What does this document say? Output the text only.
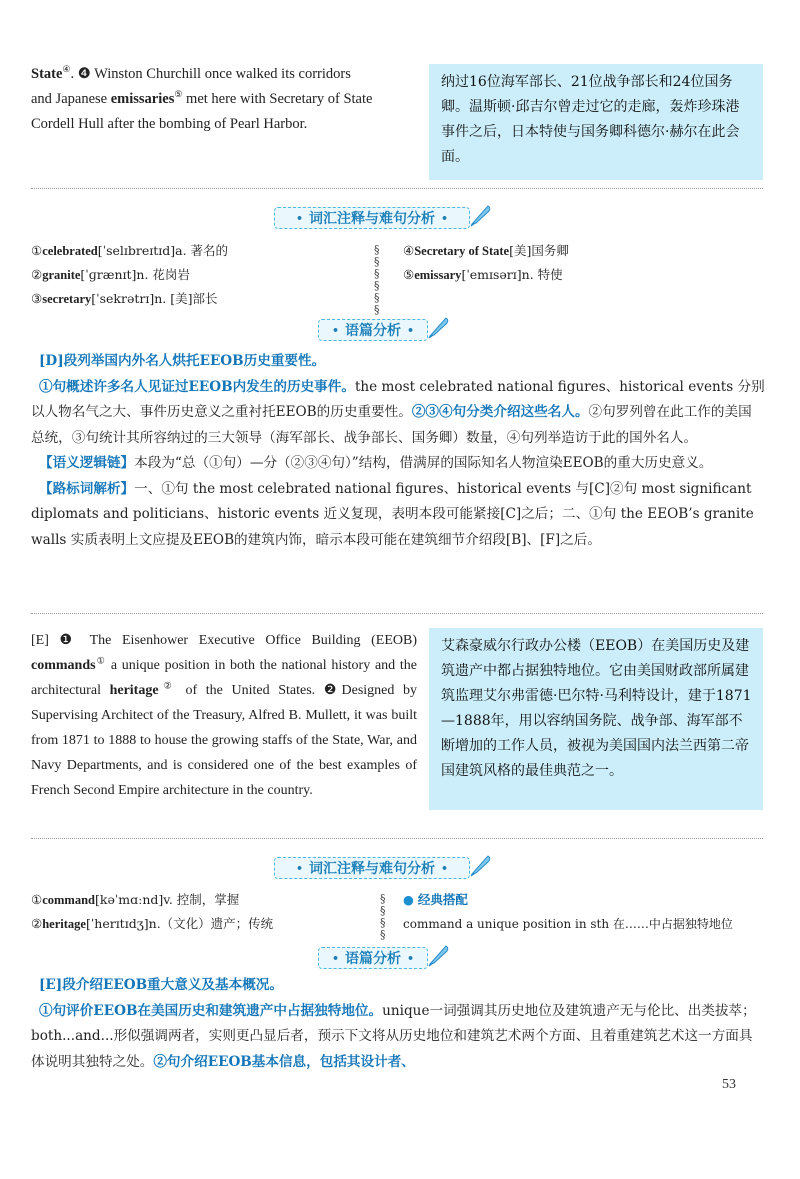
State④. ❹ Winston Churchill once walked its corridors
and Japanese emissaries⑤ met here with Secretary of State
Cordell Hull after the bombing of Pearl Harbor.
纳过16位海军部长、21位战争部长和24位国务卿。温斯顿·邱吉尔曾走过它的走廊，轰炸珍珠港事件之后，日本特使与国务卿科德尔·赫尔在此会面。
• 词汇注释与难句分析 •
①celebrated[ˈselɪbreɪtɪd]a. 著名的
②granite[ˈɡrænɪt]n. 花岗岩
③secretary[ˈsekrətrɪ]n. [美]部长
§
§
§
§
§
§
④Secretary of State[美]国务卿
⑤emissary[ˈemɪsərɪ]n. 特使
• 语篇分析 •
[D]段列举国内外名人烘托EEOB历史重要性。
①句概述许多名人见证过EEOB内发生的历史事件。the most celebrated national figures、historical events 分别以人物名气之大、事件历史意义之重衬托EEOB的历史重要性。②③④句分类介绍这些名人。②句罗列曾在此工作的美国总统，③句统计其所容纳过的三大领导（海军部长、战争部长、国务卿）数量，④句列举造访于此的国外名人。
【语义逻辑链】本段为“总（①句）—分（②③④句）”结构，借满屏的国际知名人物渲染EEOB的重大历史意义。
【路标词解析】一、①句 the most celebrated national figures、historical events 与[C]②句 most significant diplomats and politicians、historic events 近义复现，表明本段可能紧接[C]之后；二、①句 the EEOB’s granite walls 实质表明上文应提及EEOB的建筑内饰，暗示本段可能在建筑细节介绍段[B]、[F]之后。
[E] ❶ The Eisenhower Executive Office Building (EEOB) commands① a unique position in both the national history and the architectural heritage② of the United States. ❷Designed by Supervising Architect of the Treasury, Alfred B. Mullett, it was built from 1871 to 1888 to house the growing staffs of the State, War, and Navy Departments, and is considered one of the best examples of French Second Empire architecture in the country.
艾森豪威尔行政办公楼（EEOB）在美国历史及建筑遗产中都占据独特地位。它由美国财政部所属建筑监理艾尔弗雷德·巴尔特·马利特设计，建于1871—1888年，用以容纳国务院、战争部、海军部不断增加的工作人员，被视为美国国内法兰西第二帝国建筑风格的最佳典范之一。
• 词汇注释与难句分析 •
①command[kəˈmɑːnd]v. 控制，掌握
②heritage[ˈherɪtɪdʒ]n.（文化）遗产；传统
§
§
§
§
● 经典搭配
command a unique position in sth 在……中占据独特地位
• 语篇分析 •
[E]段介绍EEOB重大意义及基本概况。
①句评价EEOB在美国历史和建筑遗产中占据独特地位。unique一词强调其历史地位及建筑遗产无与伦比、出类拔萃；both...and...形似强调两者，实则更凸显后者，预示下文将从历史地位和建筑艺术两个方面、且着重建筑艺术这一方面具体说明其独特之处。②句介绍EEOB基本信息，包括其设计者、
53
